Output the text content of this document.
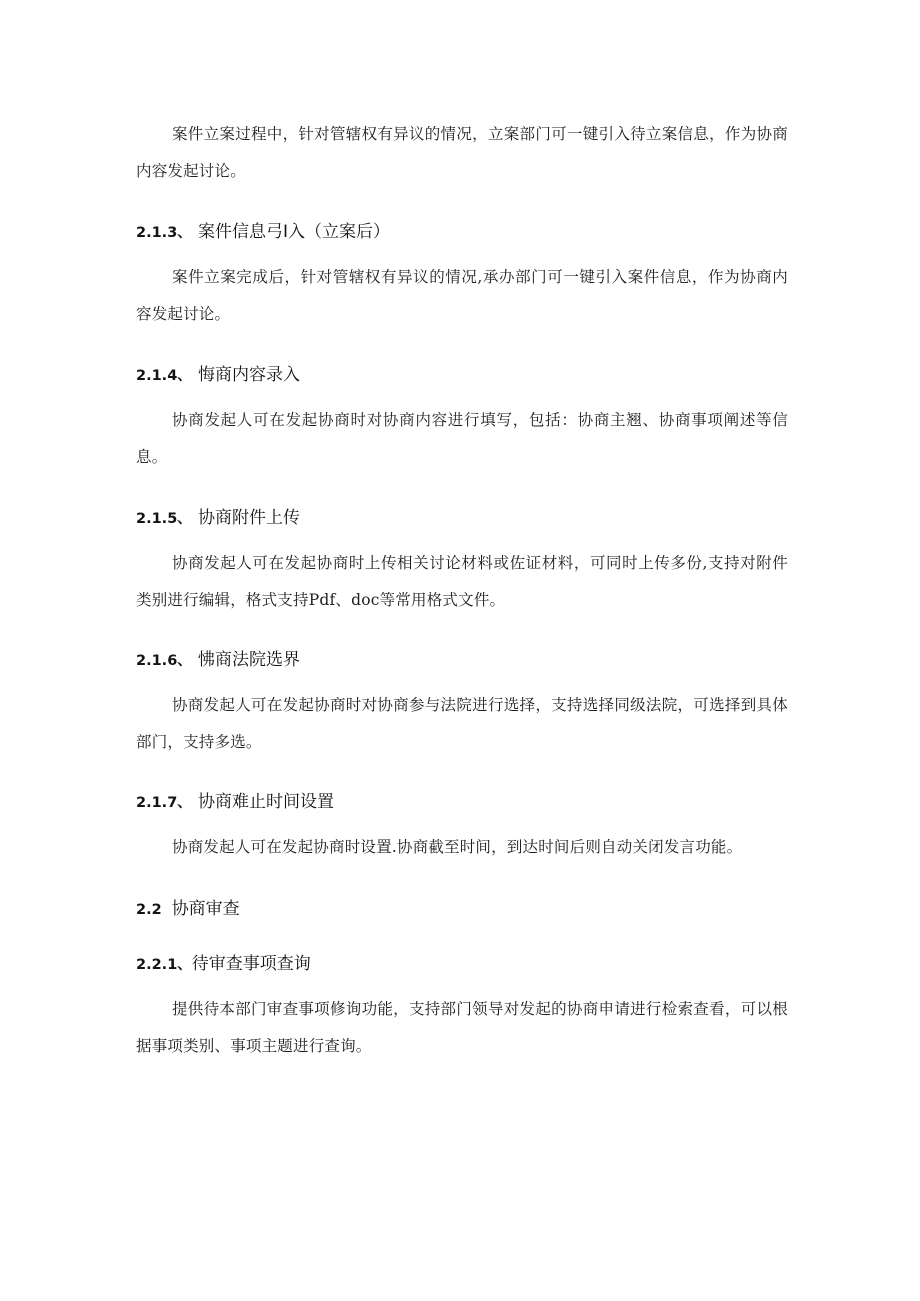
案件立案过程中，针对管辖权有异议的情况，立案部门可一键引入待立案信息，作为协商内容发起讨论。

2.1.3、 案件信息弓I入（立案后）

案件立案完成后，针对管辖权有异议的情况,承办部门可一键引入案件信息，作为协商内容发起讨论。

2.1.4、 悔商内容录入

协商发起人可在发起协商时对协商内容进行填写，包括：协商主翘、协商事项阐述等信息。

2.1.5、 协商附件上传

协商发起人可在发起协商时上传相关讨论材料或佐证材料，可同时上传多份,支持对附件类别进行编辑，格式支持Pdf、doc等常用格式文件。

2.1.6、 怫商法院选界

协商发起人可在发起协商时对协商参与法院进行选择，支持选择同级法院，可选择到具体部门，支持多选。

2.1.7、 协商难止时间设置

协商发起人可在发起协商时设置.协商截至时间，到达时间后则自动关闭发言功能。

2.2 协商审查
2.2.1、待审查事项查询

提供待本部门审查事项修询功能，支持部门领导对发起的协商申请进行检索查看，可以根据事项类别、事项主题进行查询。
